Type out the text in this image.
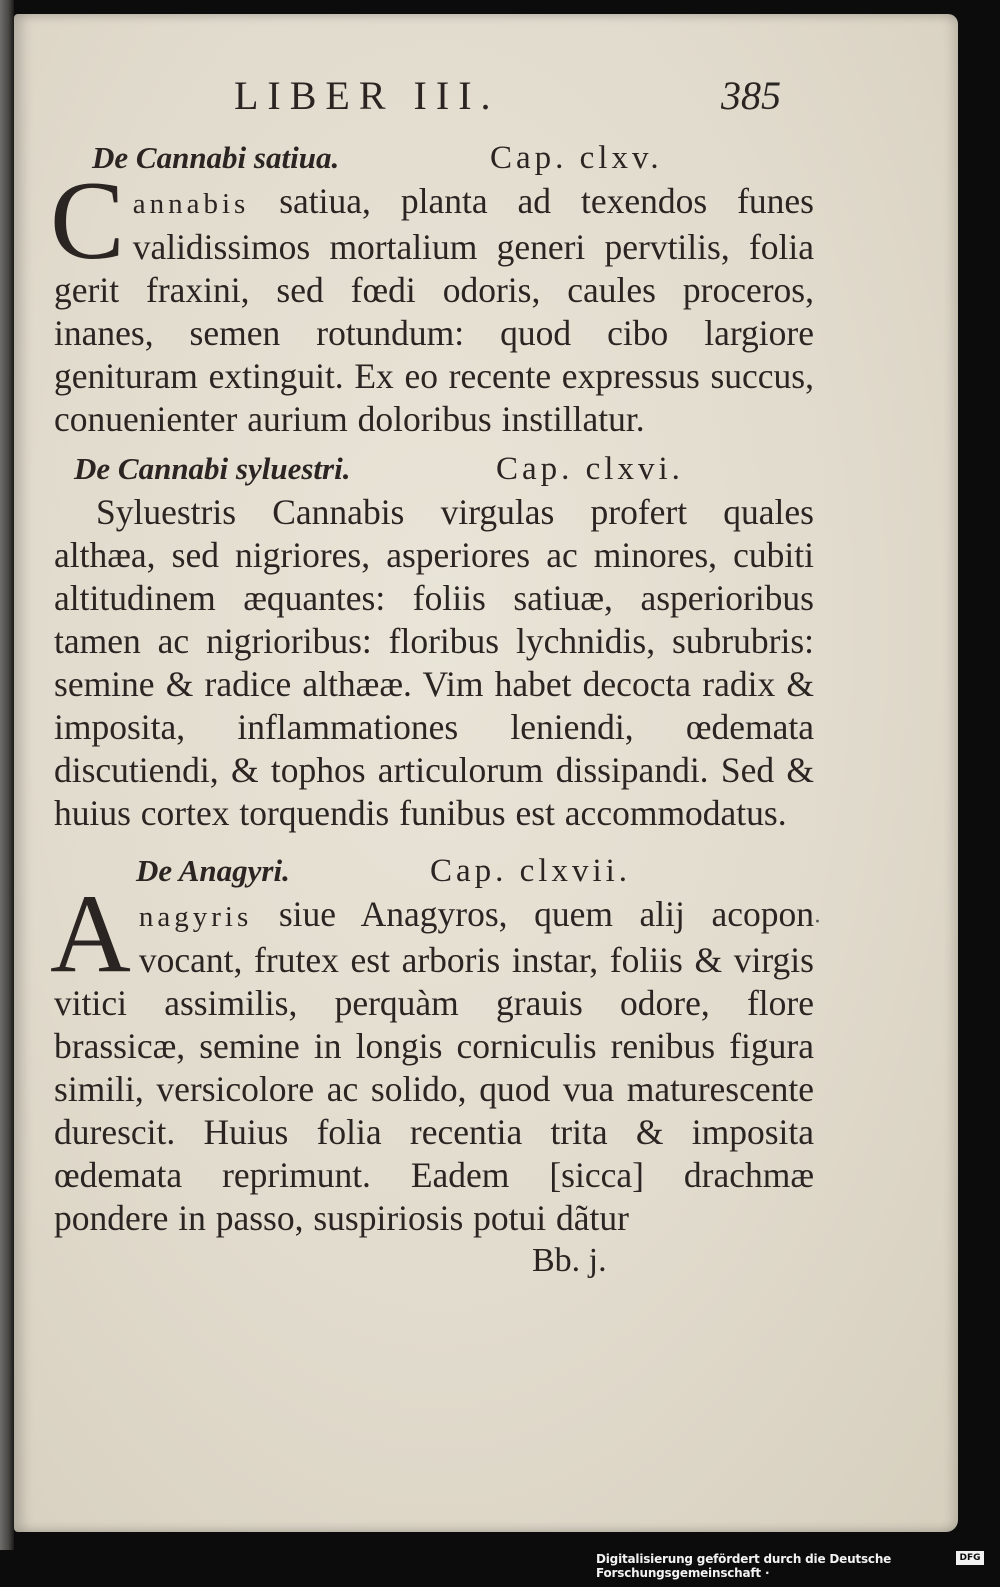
LIBER III.	385
De Cannabi satiua.	Cap. clxv.
Cannabis satiua, planta ad texendos funes validissimos mortalium generi pervtilis, folia gerit fraxini, sed fœdi odoris, caules proceros, inanes, semen rotundum: quod cibo largiore genituram extinguit. Ex eo recente expressus succus, conuenienter aurium doloribus instillatur.
De Cannabi syluestri.	Cap. clxvi.

Syluestris Cannabis virgulas profert quales althæa, sed nigriores, asperiores ac minores, cubiti altitudinem æquantes: foliis satiuæ, asperioribus tamen ac nigrioribus: floribus lychnidis, subrubris: semine & radice althææ. Vim habet decocta radix & imposita, inflammationes leniendi, œdemata discutiendi, & tophos articulorum dissipandi. Sed & huius cortex torquendis funibus est accommodatus.

De Anagyri.	Cap. clxvii.
Anagyris siue Anagyros, quem alij acopon vocant, frutex est arboris instar, foliis & virgis vitici assimilis, perquàm grauis odore, flore brassicæ, semine in longis corniculis renibus figura simili, versicolore ac solido, quod vua maturescente durescit. Huius folia recentia trita & imposita œdemata reprimunt. Eadem [sicca] drachmæ pondere in passo, suspiriosis potui dãtur
Bb. j.
·
Digitalisierung gefördert durch die Deutsche Forschungsgemeinschaft ·
DFG
